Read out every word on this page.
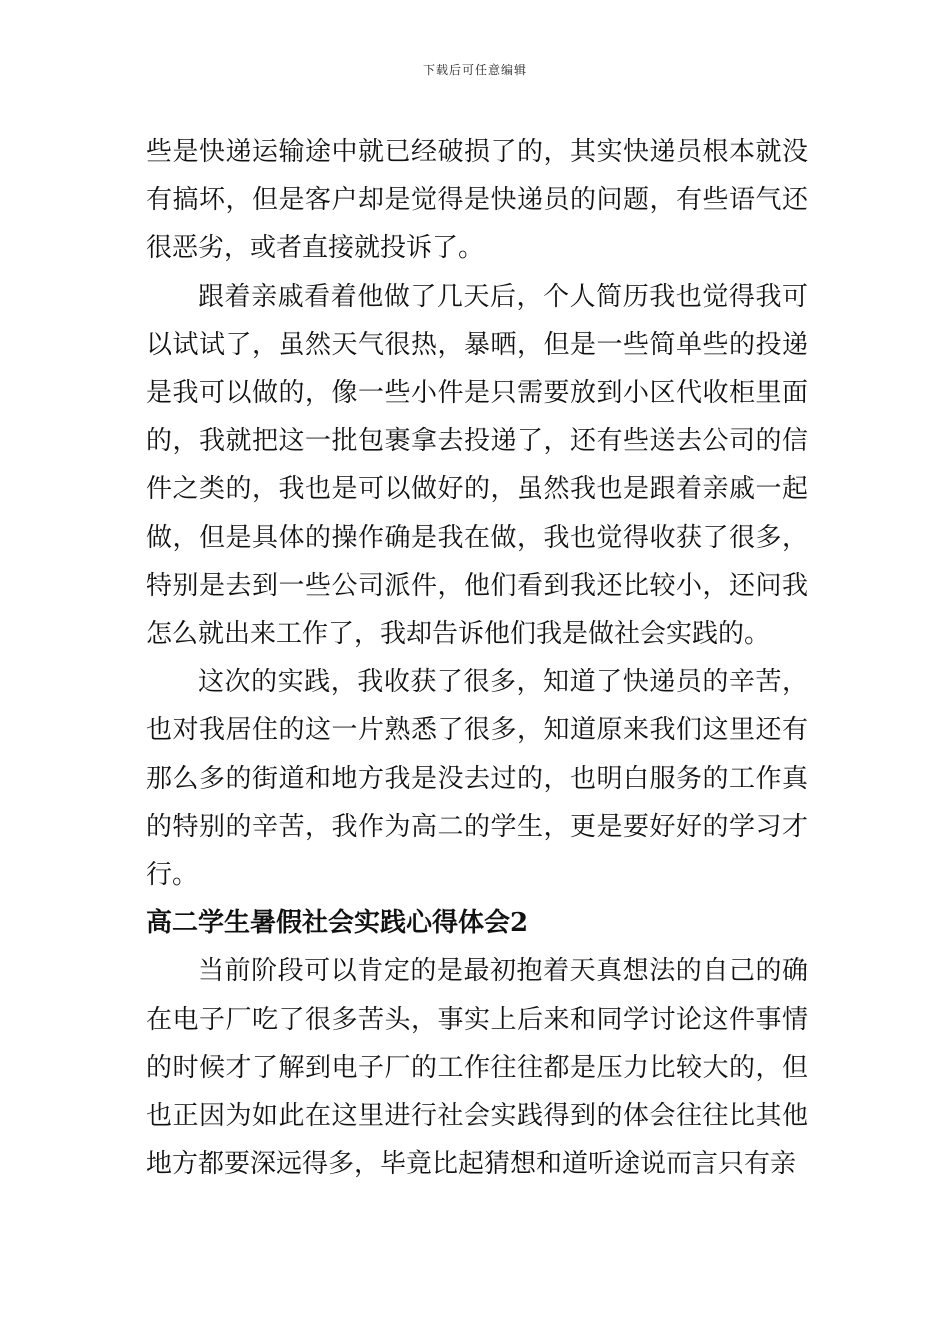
下载后可任意编辑

些是快递运输途中就已经破损了的，其实快递员根本就没有搞坏，但是客户却是觉得是快递员的问题，有些语气还很恶劣，或者直接就投诉了。

跟着亲戚看着他做了几天后，个人简历我也觉得我可以试试了，虽然天气很热，暴晒，但是一些简单些的投递是我可以做的，像一些小件是只需要放到小区代收柜里面的，我就把这一批包裹拿去投递了，还有些送去公司的信件之类的，我也是可以做好的，虽然我也是跟着亲戚一起做，但是具体的操作确是我在做，我也觉得收获了很多，特别是去到一些公司派件，他们看到我还比较小，还问我怎么就出来工作了，我却告诉他们我是做社会实践的。

这次的实践，我收获了很多，知道了快递员的辛苦，也对我居住的这一片熟悉了很多，知道原来我们这里还有那么多的街道和地方我是没去过的，也明白服务的工作真的特别的辛苦，我作为高二的学生，更是要好好的学习才行。

高二学生暑假社会实践心得体会2

当前阶段可以肯定的是最初抱着天真想法的自己的确在电子厂吃了很多苦头，事实上后来和同学讨论这件事情的时候才了解到电子厂的工作往往都是压力比较大的，但也正因为如此在这里进行社会实践得到的体会往往比其他地方都要深远得多，毕竟比起猜想和道听途说而言只有亲
